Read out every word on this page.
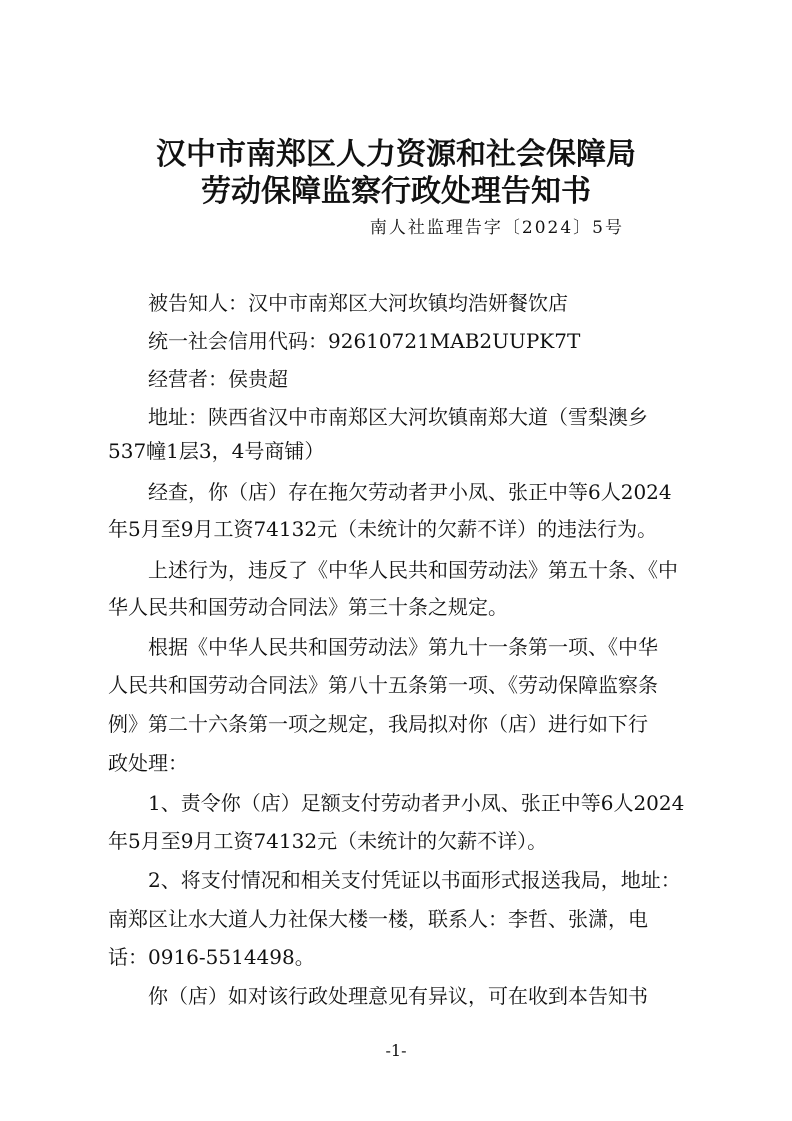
汉中市南郑区人力资源和社会保障局
劳动保障监察行政处理告知书
南人社监理告字〔2024〕5号
　　被告知人：汉中市南郑区大河坎镇均浩妍餐饮店
　　统一社会信用代码：92610721MAB2UUPK7T
　　经营者：侯贵超
　　地址：陕西省汉中市南郑区大河坎镇南郑大道（雪梨澳乡
537幢1层3，4号商铺）
　　经查，你（店）存在拖欠劳动者尹小凤、张正中等6人2024
年5月至9月工资74132元（未统计的欠薪不详）的违法行为。
　　上述行为，违反了《中华人民共和国劳动法》第五十条、《中
华人民共和国劳动合同法》第三十条之规定。
　　根据《中华人民共和国劳动法》第九十一条第一项、《中华
人民共和国劳动合同法》第八十五条第一项、《劳动保障监察条
例》第二十六条第一项之规定，我局拟对你（店）进行如下行
政处理：
　　1、责令你（店）足额支付劳动者尹小凤、张正中等6人2024
年5月至9月工资74132元（未统计的欠薪不详）。
　　2、将支付情况和相关支付凭证以书面形式报送我局，地址：
南郑区让水大道人力社保大楼一楼，联系人：李哲、张潇，电
话：0916-5514498。
　　你（店）如对该行政处理意见有异议，可在收到本告知书
-1-
